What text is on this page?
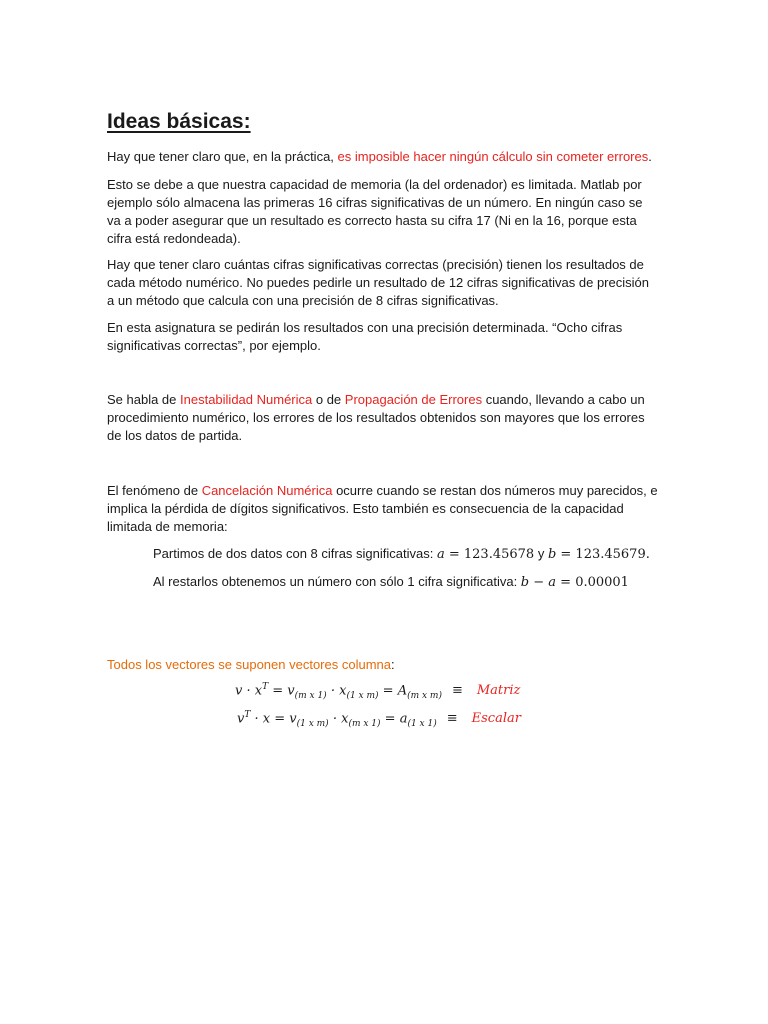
Ideas básicas:

Hay que tener claro que, en la práctica, es imposible hacer ningún cálculo sin cometer errores.

Esto se debe a que nuestra capacidad de memoria (la del ordenador) es limitada. Matlab por ejemplo sólo almacena las primeras 16 cifras significativas de un número. En ningún caso se va a poder asegurar que un resultado es correcto hasta su cifra 17 (Ni en la 16, porque esta cifra está redondeada).

Hay que tener claro cuántas cifras significativas correctas (precisión) tienen los resultados de cada método numérico. No puedes pedirle un resultado de 12 cifras significativas de precisión a un método que calcula con una precisión de 8 cifras significativas.

En esta asignatura se pedirán los resultados con una precisión determinada. “Ocho cifras significativas correctas”, por ejemplo.

Se habla de Inestabilidad Numérica o de Propagación de Errores cuando, llevando a cabo un procedimiento numérico, los errores de los resultados obtenidos son mayores que los errores de los datos de partida.

El fenómeno de Cancelación Numérica ocurre cuando se restan dos números muy parecidos, e implica la pérdida de dígitos significativos. Esto también es consecuencia de la capacidad limitada de memoria:

Partimos de dos datos con 8 cifras significativas: a = 123.45678 y b = 123.45679.

Al restarlos obtenemos un número con sólo 1 cifra significativa: b − a = 0.00001

Todos los vectores se suponen vectores columna:

$v \cdot x^T = v_{(m x 1)} \cdot x_{(1 x m)} = A_{(m x m)}$ ≡ Matriz
$v^T \cdot x = v_{(1 x m)} \cdot x_{(m x 1)} = a_{(1 x 1)}$ ≡ Escalar
